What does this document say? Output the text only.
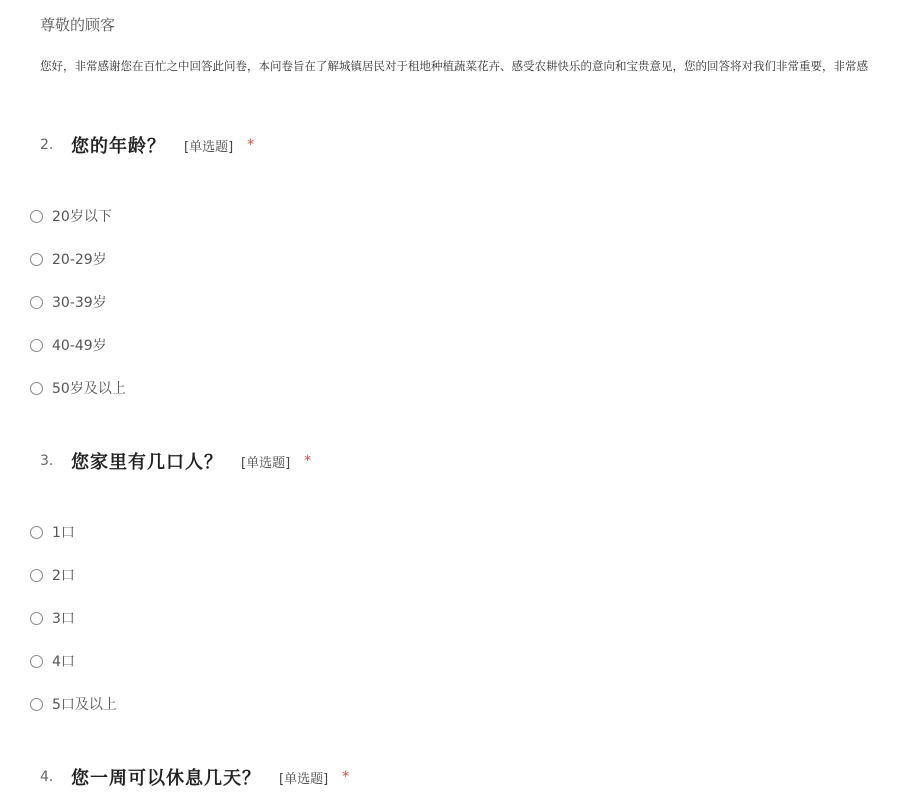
尊敬的顾客
您好，非常感谢您在百忙之中回答此问卷，本问卷旨在了解城镇居民对于租地种植蔬菜花卉、感受农耕快乐的意向和宝贵意见，您的回答将对我们非常重要，非常感
2. 您的年龄？ [单选题] *
20岁以下
20-29岁
30-39岁
40-49岁
50岁及以上
3. 您家里有几口人？ [单选题] *
1口
2口
3口
4口
5口及以上
4. 您一周可以休息几天？ [单选题] *
